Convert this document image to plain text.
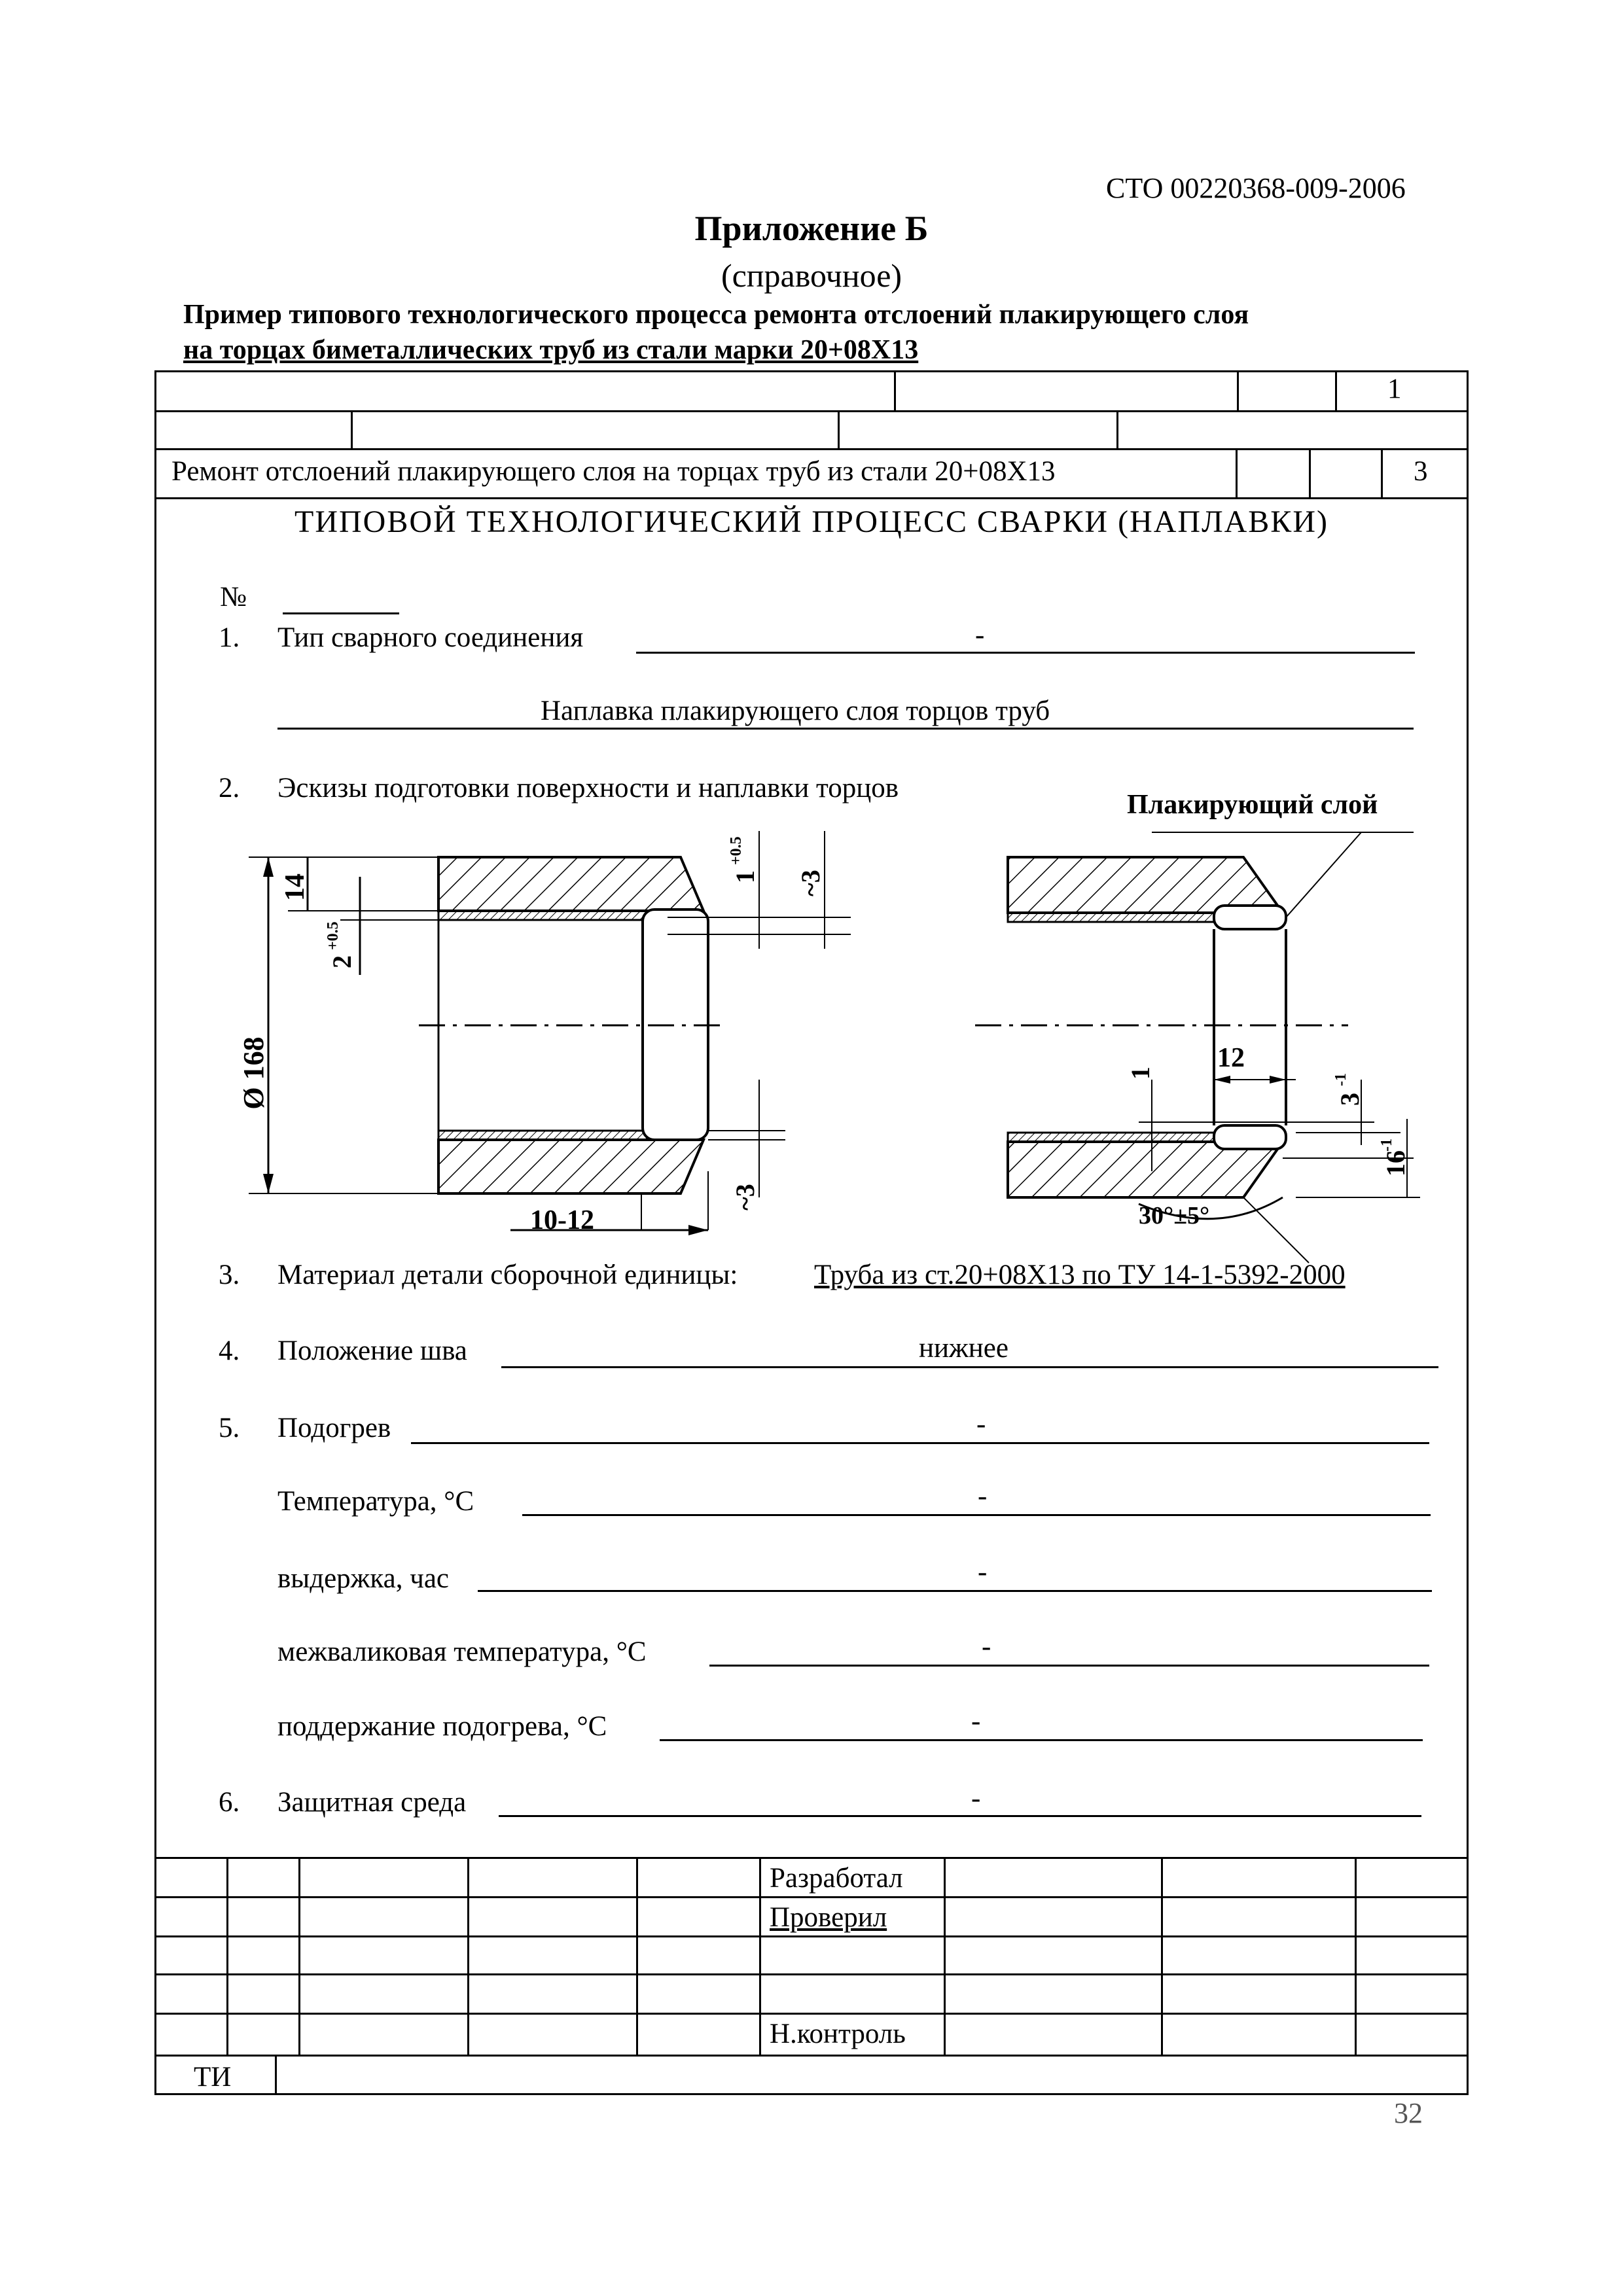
СТО 00220368-009-2006
Приложение Б
(справочное)
Пример типового технологического процесса ремонта отслоений плакирующего слоя
на торцах биметаллических труб из стали марки 20+08Х13
1
Ремонт отслоений плакирующего слоя на торцах труб из стали 20+08Х13	3
ТИПОВОЙ ТЕХНОЛОГИЧЕСКИЙ ПРОЦЕСС СВАРКИ (НАПЛАВКИ)
№
1. Тип сварного соединения	-
Наплавка плакирующего слоя торцов труб
2. Эскизы подготовки поверхности и наплавки торцов
Ø 168
14
2
+0.5
1
+0.5
~3
~3
10-12
12
1
3
-1
16
-1
30°±5°
Плакирующий слой
3. Материал детали сборочной единицы:	Труба из ст.20+08Х13 по ТУ 14-1-5392-2000
4. Положение шва	нижнее
5. Подогрев	-
Температура, °С	-
выдержка, час	-
межваликовая температура, °С	-
поддержание подогрева, °С	-
6. Защитная среда	-
Разработал
Проверил
Н.контроль
ТИ
32
